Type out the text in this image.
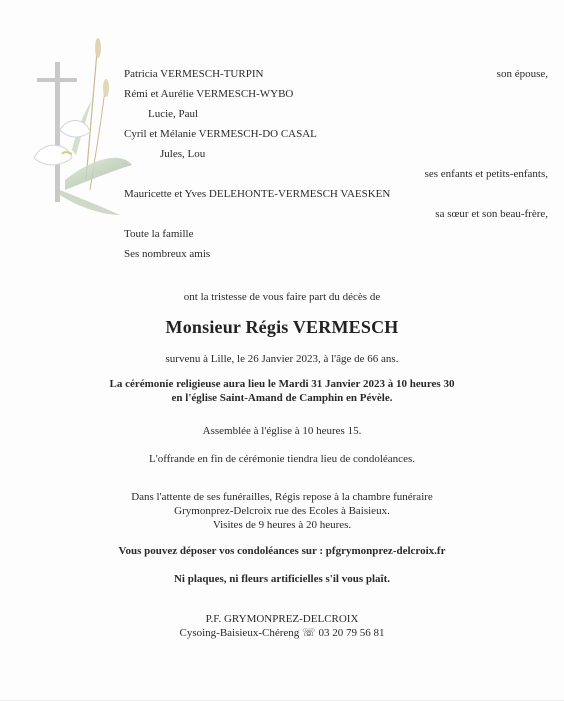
Patricia VERMESCH-TURPIN	son épouse,
Rémi et Aurélie VERMESCH-WYBO
Lucie, Paul
Cyril et Mélanie VERMESCH-DO CASAL
Jules, Lou
ses enfants et petits-enfants,
Mauricette et Yves DELEHONTE-VERMESCH VAESKEN
sa sœur et son beau-frère,
Toute la famille
Ses nombreux amis
ont la tristesse de vous faire part du décès de
Monsieur Régis VERMESCH
survenu à Lille, le 26 Janvier 2023, à l'âge de 66 ans.
La cérémonie religieuse aura lieu le Mardi 31 Janvier 2023 à 10 heures 30
en l'église Saint-Amand de Camphin en Pévèle.
Assemblée à l'église à 10 heures 15.
L'offrande en fin de cérémonie tiendra lieu de condoléances.
Dans l'attente de ses funérailles, Régis repose à la chambre funéraire
Grymonprez-Delcroix rue des Ecoles à Baisieux.
Visites de 9 heures à 20 heures.
Vous pouvez déposer vos condoléances sur : pfgrymonprez-delcroix.fr
Ni plaques, ni fleurs artificielles s'il vous plaît.
P.F. GRYMONPREZ-DELCROIX
Cysoing-Baisieux-Chéreng ☏ 03 20 79 56 81
